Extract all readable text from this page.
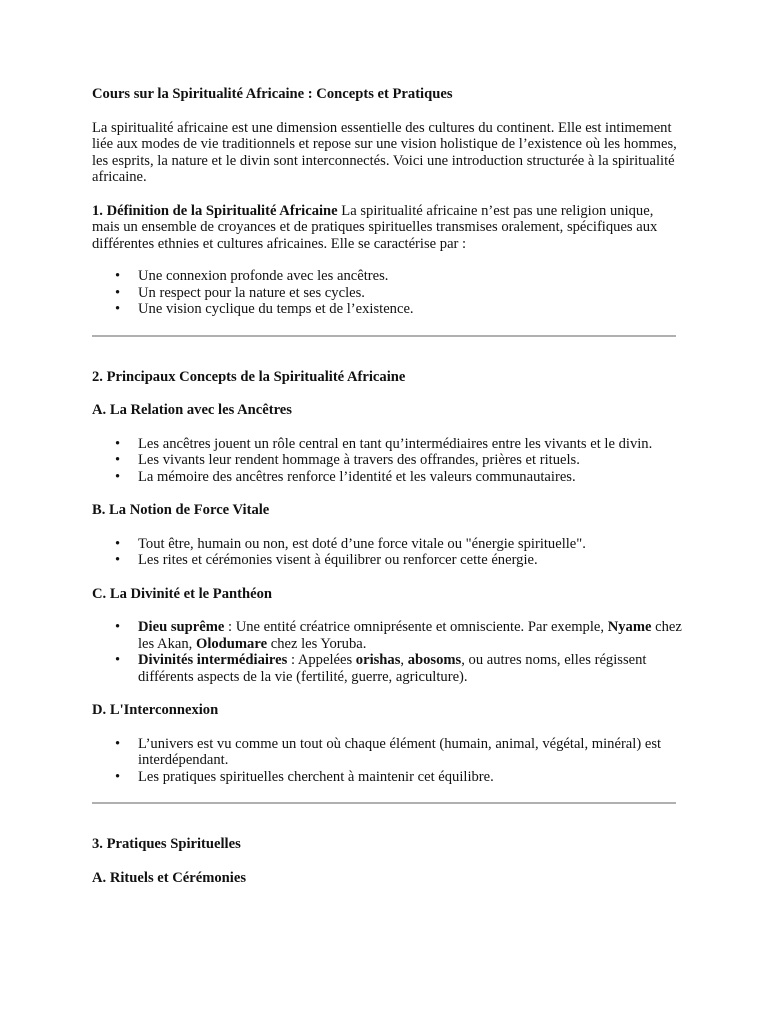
Cours sur la Spiritualité Africaine : Concepts et Pratiques

La spiritualité africaine est une dimension essentielle des cultures du continent. Elle est intimement liée aux modes de vie traditionnels et repose sur une vision holistique de l’existence où les hommes, les esprits, la nature et le divin sont interconnectés. Voici une introduction structurée à la spiritualité africaine.

1. Définition de la Spiritualité Africaine La spiritualité africaine n’est pas une religion unique, mais un ensemble de croyances et de pratiques spirituelles transmises oralement, spécifiques aux différentes ethnies et cultures africaines. Elle se caractérise par :

• Une connexion profonde avec les ancêtres.
• Un respect pour la nature et ses cycles.
• Une vision cyclique du temps et de l’existence.
2. Principaux Concepts de la Spiritualité Africaine
A. La Relation avec les Ancêtres
• Les ancêtres jouent un rôle central en tant qu’intermédiaires entre les vivants et le divin.
• Les vivants leur rendent hommage à travers des offrandes, prières et rituels.
• La mémoire des ancêtres renforce l’identité et les valeurs communautaires.
B. La Notion de Force Vitale
• Tout être, humain ou non, est doté d’une force vitale ou "énergie spirituelle".
• Les rites et cérémonies visent à équilibrer ou renforcer cette énergie.
C. La Divinité et le Panthéon
• Dieu suprême : Une entité créatrice omniprésente et omnisciente. Par exemple, Nyame chez les Akan, Olodumare chez les Yoruba.
• Divinités intermédiaires : Appelées orishas, abosoms, ou autres noms, elles régissent différents aspects de la vie (fertilité, guerre, agriculture).
D. L'Interconnexion
• L’univers est vu comme un tout où chaque élément (humain, animal, végétal, minéral) est interdépendant.
• Les pratiques spirituelles cherchent à maintenir cet équilibre.
3. Pratiques Spirituelles
A. Rituels et Cérémonies
